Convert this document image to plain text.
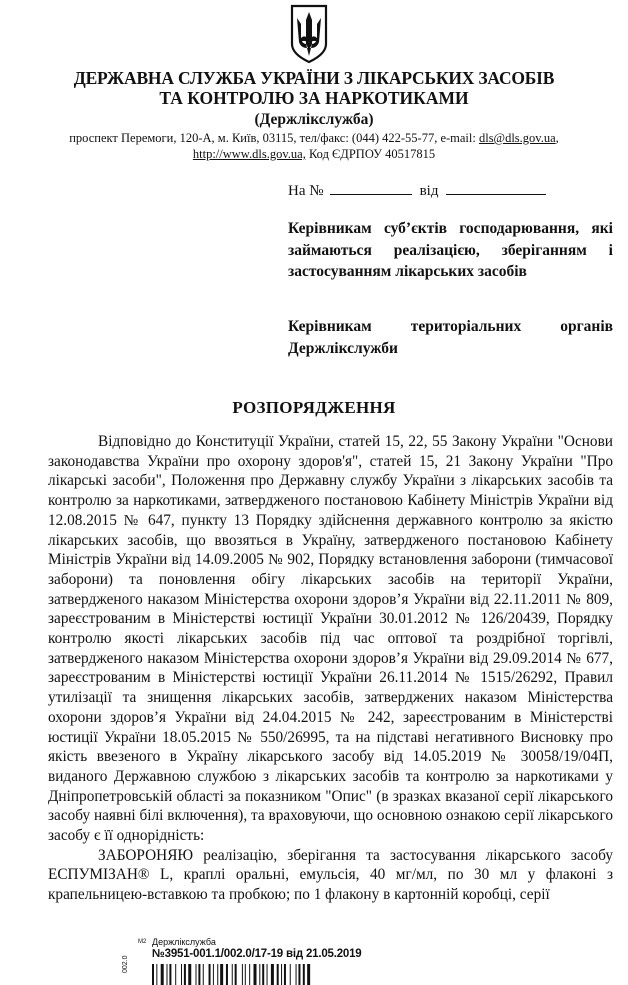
ДЕРЖАВНА СЛУЖБА УКРАЇНИ З ЛІКАРСЬКИХ ЗАСОБІВ
ТА КОНТРОЛЮ ЗА НАРКОТИКАМИ
(Держлікслужба)
проспект Перемоги, 120-А, м. Київ, 03115, тел/факс: (044) 422-55-77, e-mail: dls@dls.gov.ua,
http://www.dls.gov.ua, Код ЄДРПОУ 40517815
На №	від
Керівникам суб’єктів господарювання, які займаються реалізацією, зберіганням і застосуванням лікарських засобів
Керівникам територіальних органів Держлікслужби
РОЗПОРЯДЖЕННЯ

Відповідно до Конституції України, статей 15, 22, 55 Закону України "Основи законодавства України про охорону здоров'я", статей 15, 21 Закону України "Про лікарські засоби", Положення про Державну службу України з лікарських засобів та контролю за наркотиками, затвердженого постановою Кабінету Міністрів України від 12.08.2015 № 647, пункту 13 Порядку здійснення державного контролю за якістю лікарських засобів, що ввозяться в Україну, затвердженого постановою Кабінету Міністрів України від 14.09.2005 № 902, Порядку встановлення заборони (тимчасової заборони) та поновлення обігу лікарських засобів на території України, затвердженого наказом Міністерства охорони здоров’я України від 22.11.2011 № 809, зареєстрованим в Міністерстві юстиції України 30.01.2012 № 126/20439, Порядку контролю якості лікарських засобів під час оптової та роздрібної торгівлі, затвердженого наказом Міністерства охорони здоров’я України від 29.09.2014 № 677, зареєстрованим в Міністерстві юстиції України 26.11.2014 № 1515/26292, Правил утилізації та знищення лікарських засобів, затверджених наказом Міністерства охорони здоров’я України від 24.04.2015 № 242, зареєстрованим в Міністерстві юстиції України 18.05.2015 № 550/26995, та на підставі негативного Висновку про якість ввезеного в Україну лікарського засобу від 14.05.2019 № 30058/19/04П, виданого Державною службою з лікарських засобів та контролю за наркотиками у Дніпропетровській області за показником "Опис" (в зразках вказаної серії лікарського засобу наявні білі включення), та враховуючи, що основною ознакою серії лікарського засобу є її однорідність:

ЗАБОРОНЯЮ реалізацію, зберігання та застосування лікарського засобу ЕСПУМІЗАН® L, краплі оральні, емульсія, 40 мг/мл, по 30 мл у флаконі з крапельницею-вставкою та пробкою; по 1 флакону в картонній коробці, серії

М2 Держлікслужба
№3951-001.1/002.0/17-19 від 21.05.2019
002.0
